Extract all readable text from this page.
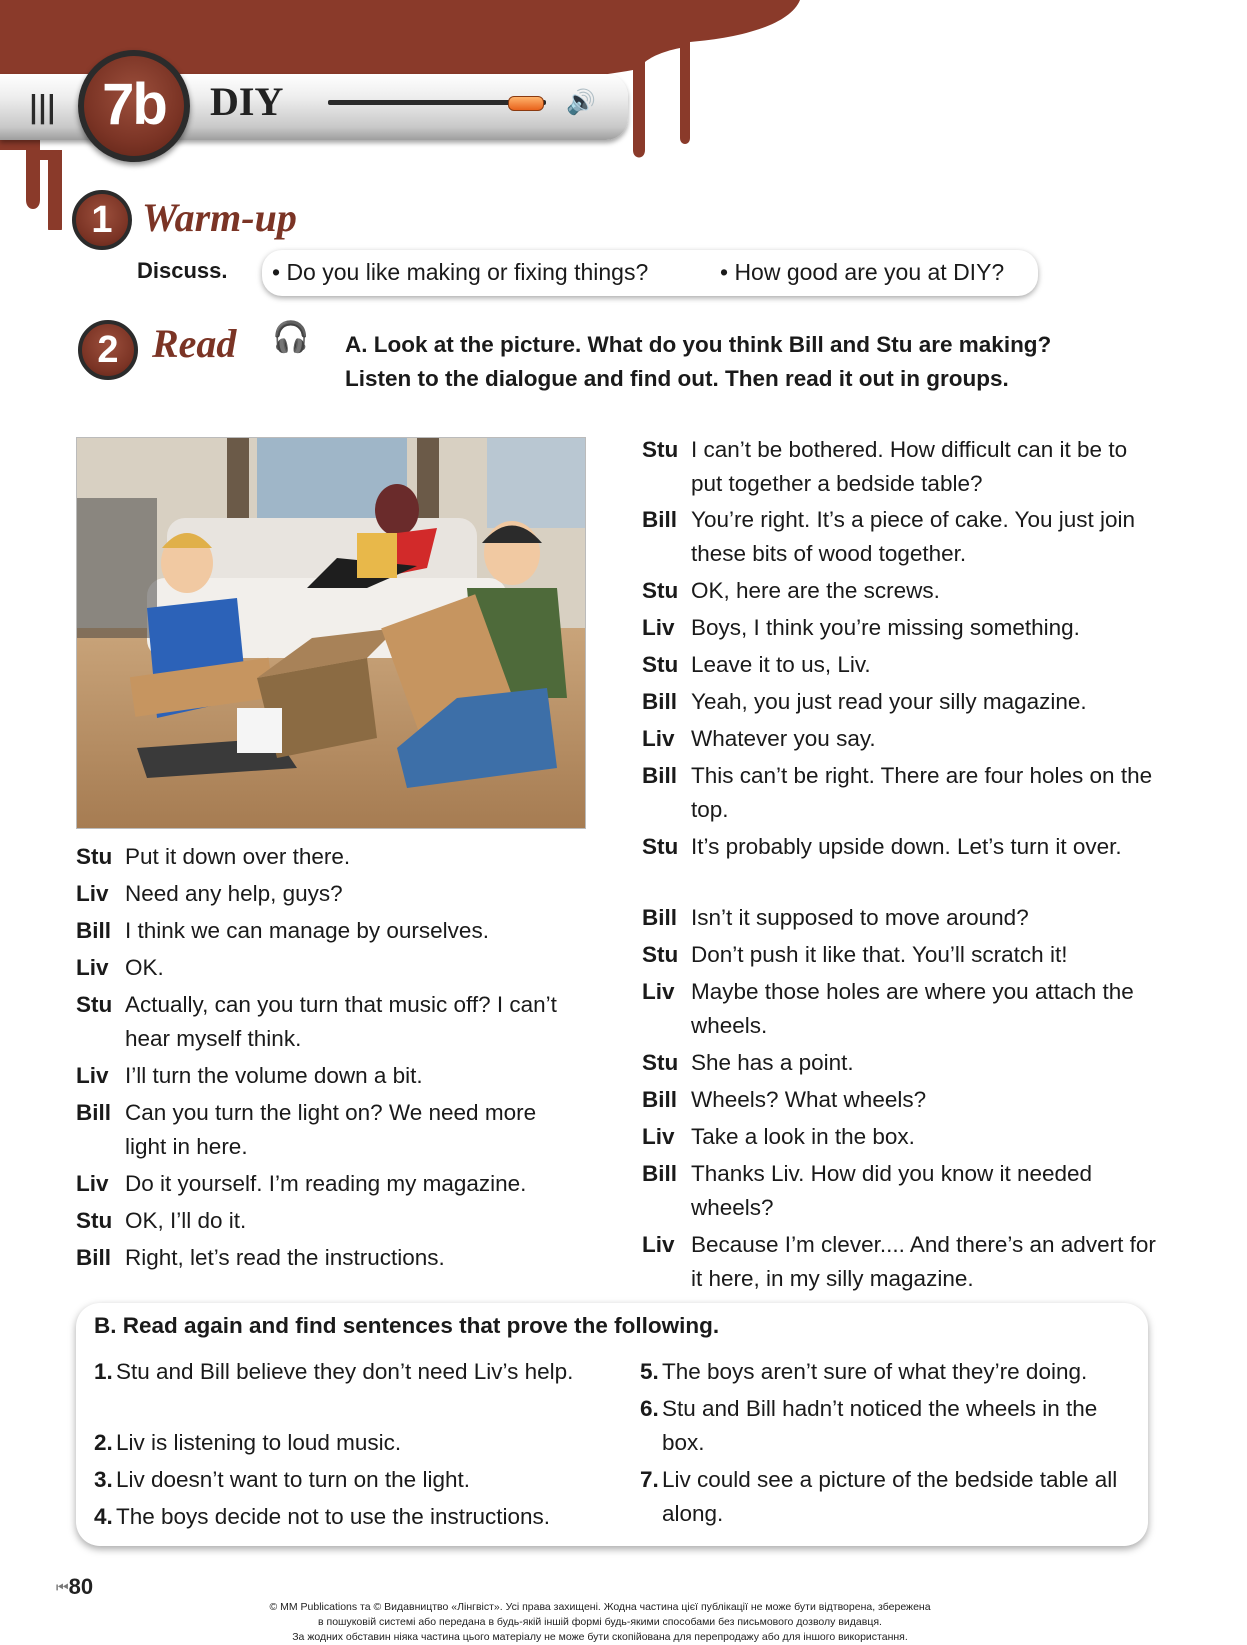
||| 7b	DIY	🔊
1 Warm-up
Discuss. • Do you like making or fixing things?	• How good are you at DIY?
2 Read 🎧 A. Look at the picture. What do you think Bill and Stu are making? Listen to the dialogue and find out. Then read it out in groups.
Stu Put it down over there.
Liv Need any help, guys?
Bill I think we can manage by ourselves.
Liv OK.
Stu Actually, can you turn that music off? I can’t hear myself think.
Liv I’ll turn the volume down a bit.
Bill Can you turn the light on? We need more light in here.
Liv Do it yourself. I’m reading my magazine.
Stu OK, I’ll do it.
Bill Right, let’s read the instructions.
Stu I can’t be bothered. How difficult can it be to put together a bedside table?
Bill You’re right. It’s a piece of cake. You just join these bits of wood together.
Stu OK, here are the screws.
Liv Boys, I think you’re missing something.
Stu Leave it to us, Liv.
Bill Yeah, you just read your silly magazine.
Liv Whatever you say.
Bill This can’t be right. There are four holes on the top.
Stu It’s probably upside down. Let’s turn it over.
Bill Isn’t it supposed to move around?
Stu Don’t push it like that. You’ll scratch it!
Liv Maybe those holes are where you attach the wheels.
Stu She has a point.
Bill Wheels? What wheels?
Liv Take a look in the box.
Bill Thanks Liv. How did you know it needed wheels?
Liv Because I’m clever.... And there’s an advert for it here, in my silly magazine.
B. Read again and find sentences that prove the following.
1. Stu and Bill believe they don’t need Liv’s help.
2. Liv is listening to loud music.
3. Liv doesn’t want to turn on the light.
4. The boys decide not to use the instructions.
5. The boys aren’t sure of what they’re doing.
6. Stu and Bill hadn’t noticed the wheels in the box.
7. Liv could see a picture of the bedside table all along.
⏮80
© MM Publications та © Видавництво «Лінгвіст». Усі права захищені. Жодна частина цієї публікації не може бути відтворена, збережена
в пошуковій системі або передана в будь-якій іншій формі будь-якими способами без письмового дозволу видавця.
За жодних обставин ніяка частина цього матеріалу не може бути скопійована для перепродажу або для іншого використання.
